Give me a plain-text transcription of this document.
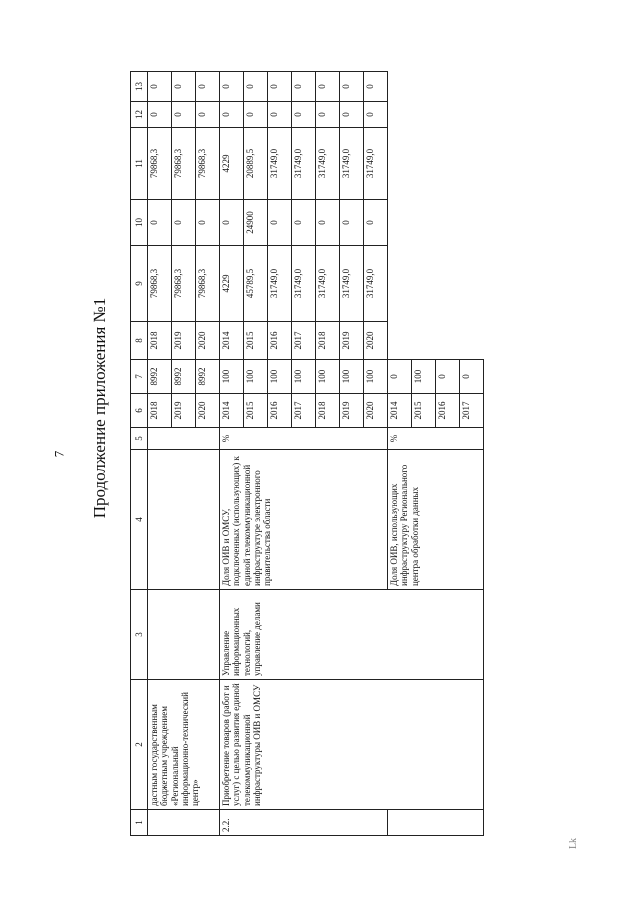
7 Продолжение приложения №1
1	2	3	4	5	6	7	8	9	10	11	12	13
	дастным государственным бюджетным учреждением «Региональный информационно-технический центр»				2018	8992	2018	79868,3	0	79868,3	0	0
					2019	8992	2019	79868,3	0	79868,3	0	0
					2020	8992	2020	79868,3	0	79868,3	0	0
2.2.	Приобретение товаров (работ и услуг) с целью развития единой телекоммуникационной инфраструктуры ОИВ и ОМСУ	Управление информационных технологий, управление делами	Доля ОИВ и ОМСУ, подключенных (использующих) к единой телекоммуникационной инфраструктуре электронного правительства области	%	2014	100	2014	4229	0	4229	0	0
					2015	100	2015	45789,5	24900	20889,5	0	0
					2016	100	2016	31749,0	0	31749,0	0	0
					2017	100	2017	31749,0	0	31749,0	0	0
					2018	100	2018	31749,0	0	31749,0	0	0
					2019	100	2019	31749,0	0	31749,0	0	0
					2020	100	2020	31749,0	0	31749,0	0	0
			Доля ОИВ, использующих инфраструктуру Регионального центра обработки данных	%	2014	0						
					2015	100						
					2016	0						
					2017	0						
Lk
